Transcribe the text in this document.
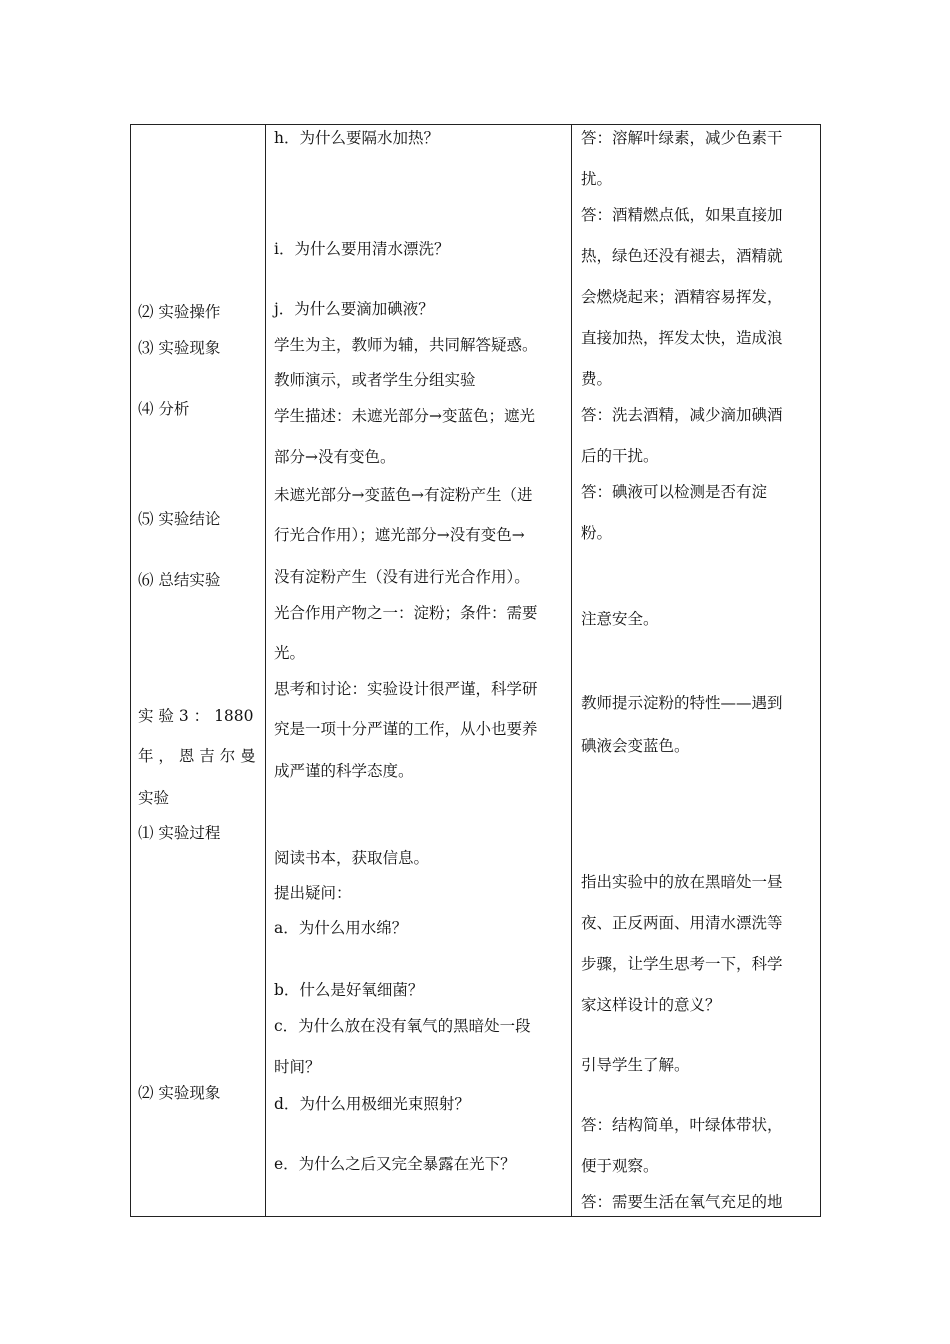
⑵ 实验操作
⑶ 实验现象
⑷ 分析
⑸ 实验结论
⑹ 总结实验
实 验 3 ： 1880
年 ， 恩 吉 尔 曼
实验
⑴ 实验过程
⑵ 实验现象
h．为什么要隔水加热？
i．为什么要用清水漂洗？
j．为什么要滴加碘液？
学生为主，教师为辅，共同解答疑惑。
教师演示，或者学生分组实验
学生描述：未遮光部分→变蓝色；遮光
部分→没有变色。
未遮光部分→变蓝色→有淀粉产生（进
行光合作用）；遮光部分→没有变色→
没有淀粉产生（没有进行光合作用）。
光合作用产物之一：淀粉；条件：需要
光。
思考和讨论：实验设计很严谨，科学研
究是一项十分严谨的工作，从小也要养
成严谨的科学态度。
阅读书本，获取信息。
提出疑问：
a．为什么用水绵？
b．什么是好氧细菌？
c．为什么放在没有氧气的黑暗处一段
时间？
d．为什么用极细光束照射？
e．为什么之后又完全暴露在光下？
答：溶解叶绿素，减少色素干
扰。
答：酒精燃点低，如果直接加
热，绿色还没有褪去，酒精就
会燃烧起来；酒精容易挥发，
直接加热，挥发太快，造成浪
费。
答：洗去酒精，减少滴加碘酒
后的干扰。
答：碘液可以检测是否有淀
粉。
注意安全。
教师提示淀粉的特性——遇到
碘液会变蓝色。
指出实验中的放在黑暗处一昼
夜、正反两面、用清水漂洗等
步骤，让学生思考一下，科学
家这样设计的意义？
引导学生了解。
答：结构简单，叶绿体带状，
便于观察。
答：需要生活在氧气充足的地
